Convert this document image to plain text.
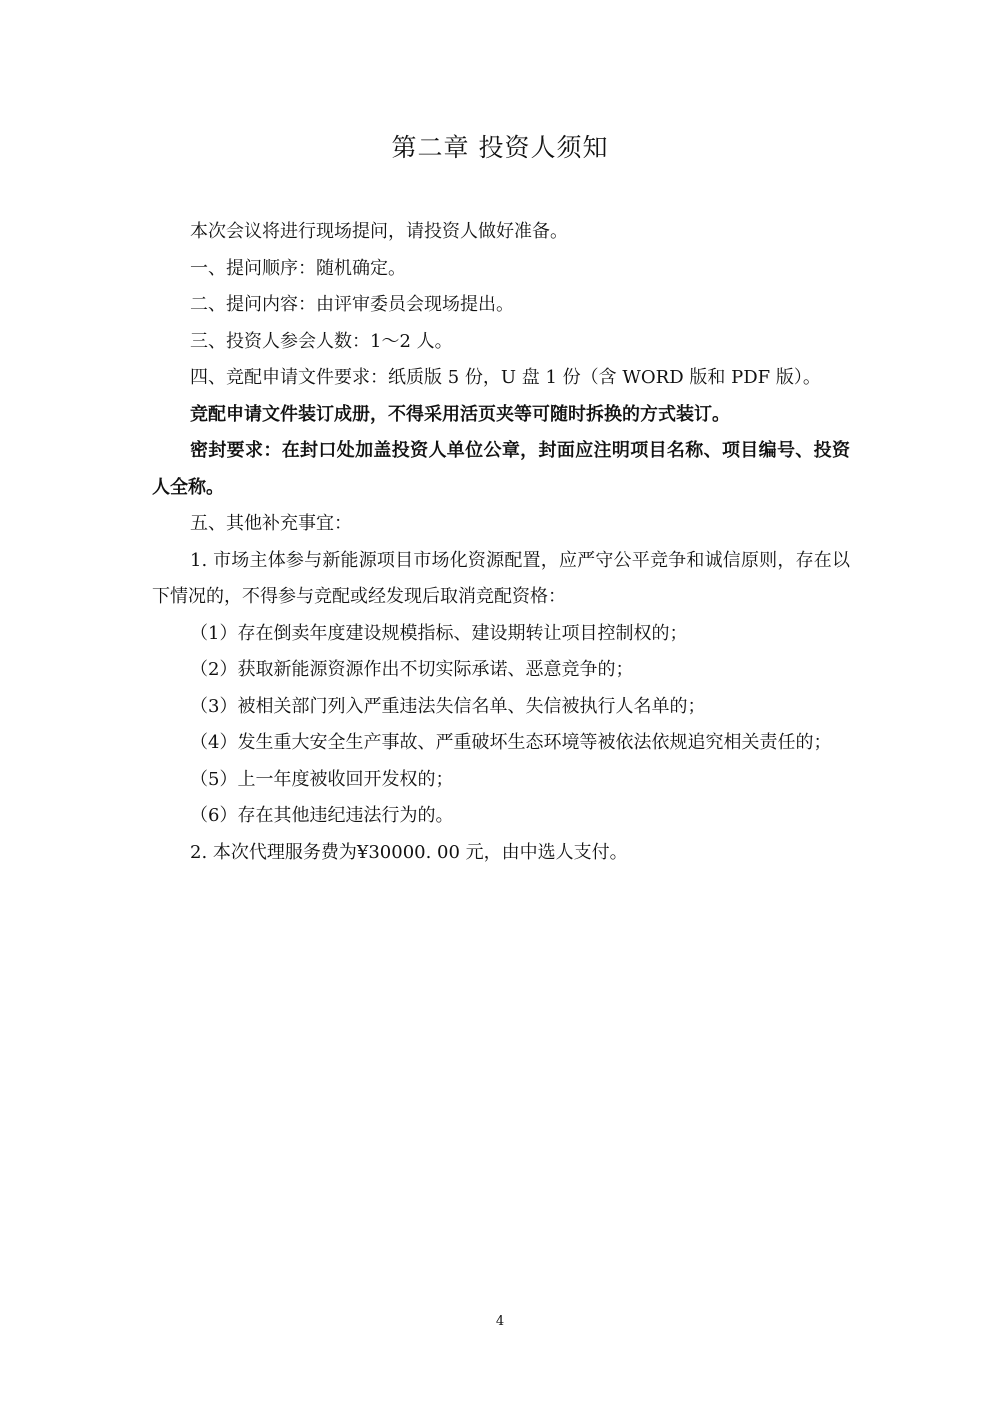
第二章 投资人须知

本次会议将进行现场提问，请投资人做好准备。

一、提问顺序：随机确定。

二、提问内容：由评审委员会现场提出。

三、投资人参会人数：1～2 人。

四、竞配申请文件要求：纸质版 5 份，U 盘 1 份（含 WORD 版和 PDF 版）。

竞配申请文件装订成册，不得采用活页夹等可随时拆换的方式装订。

密封要求：在封口处加盖投资人单位公章，封面应注明项目名称、项目编号、投资人全称。

五、其他补充事宜：

1. 市场主体参与新能源项目市场化资源配置，应严守公平竞争和诚信原则，存在以下情况的，不得参与竞配或经发现后取消竞配资格：

（1）存在倒卖年度建设规模指标、建设期转让项目控制权的；

（2）获取新能源资源作出不切实际承诺、恶意竞争的；

（3）被相关部门列入严重违法失信名单、失信被执行人名单的；

（4）发生重大安全生产事故、严重破坏生态环境等被依法依规追究相关责任的；

（5）上一年度被收回开发权的；

（6）存在其他违纪违法行为的。

2. 本次代理服务费为¥30000. 00 元，由中选人支付。

4
